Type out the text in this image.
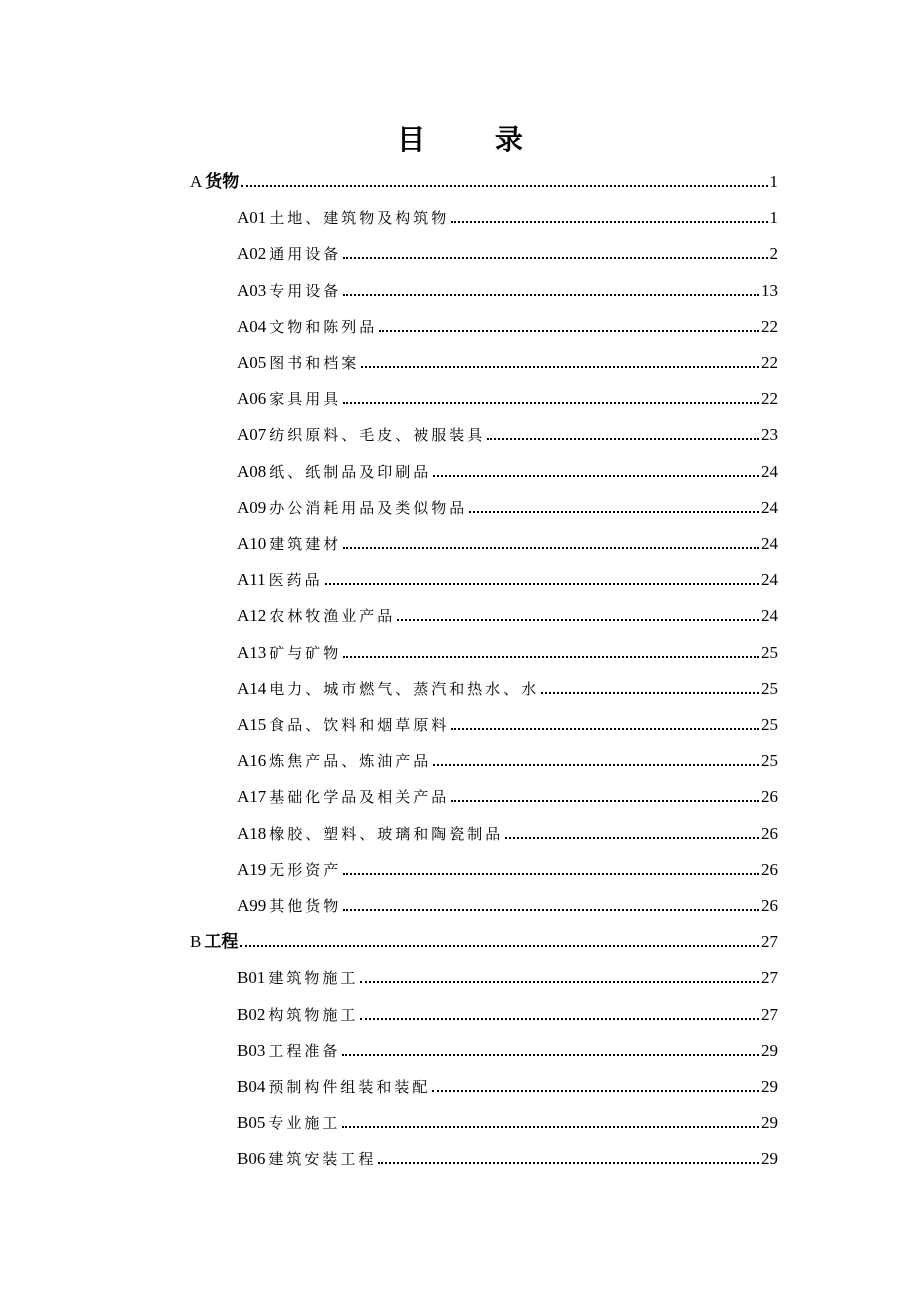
目 录
A 货物	1
A01 土地、建筑物及构筑物	1
A02 通用设备	2
A03 专用设备	13
A04 文物和陈列品	22
A05 图书和档案	22
A06 家具用具	22
A07 纺织原料、毛皮、被服装具	23
A08 纸、纸制品及印刷品	24
A09 办公消耗用品及类似物品	24
A10 建筑建材	24
A11 医药品	24
A12 农林牧渔业产品	24
A13 矿与矿物	25
A14 电力、城市燃气、蒸汽和热水、水	25
A15 食品、饮料和烟草原料	25
A16 炼焦产品、炼油产品	25
A17 基础化学品及相关产品	26
A18 橡胶、塑料、玻璃和陶瓷制品	26
A19 无形资产	26
A99 其他货物	26
B 工程	27
B01 建筑物施工	27
B02 构筑物施工	27
B03 工程准备	29
B04 预制构件组装和装配	29
B05 专业施工	29
B06 建筑安装工程	29
